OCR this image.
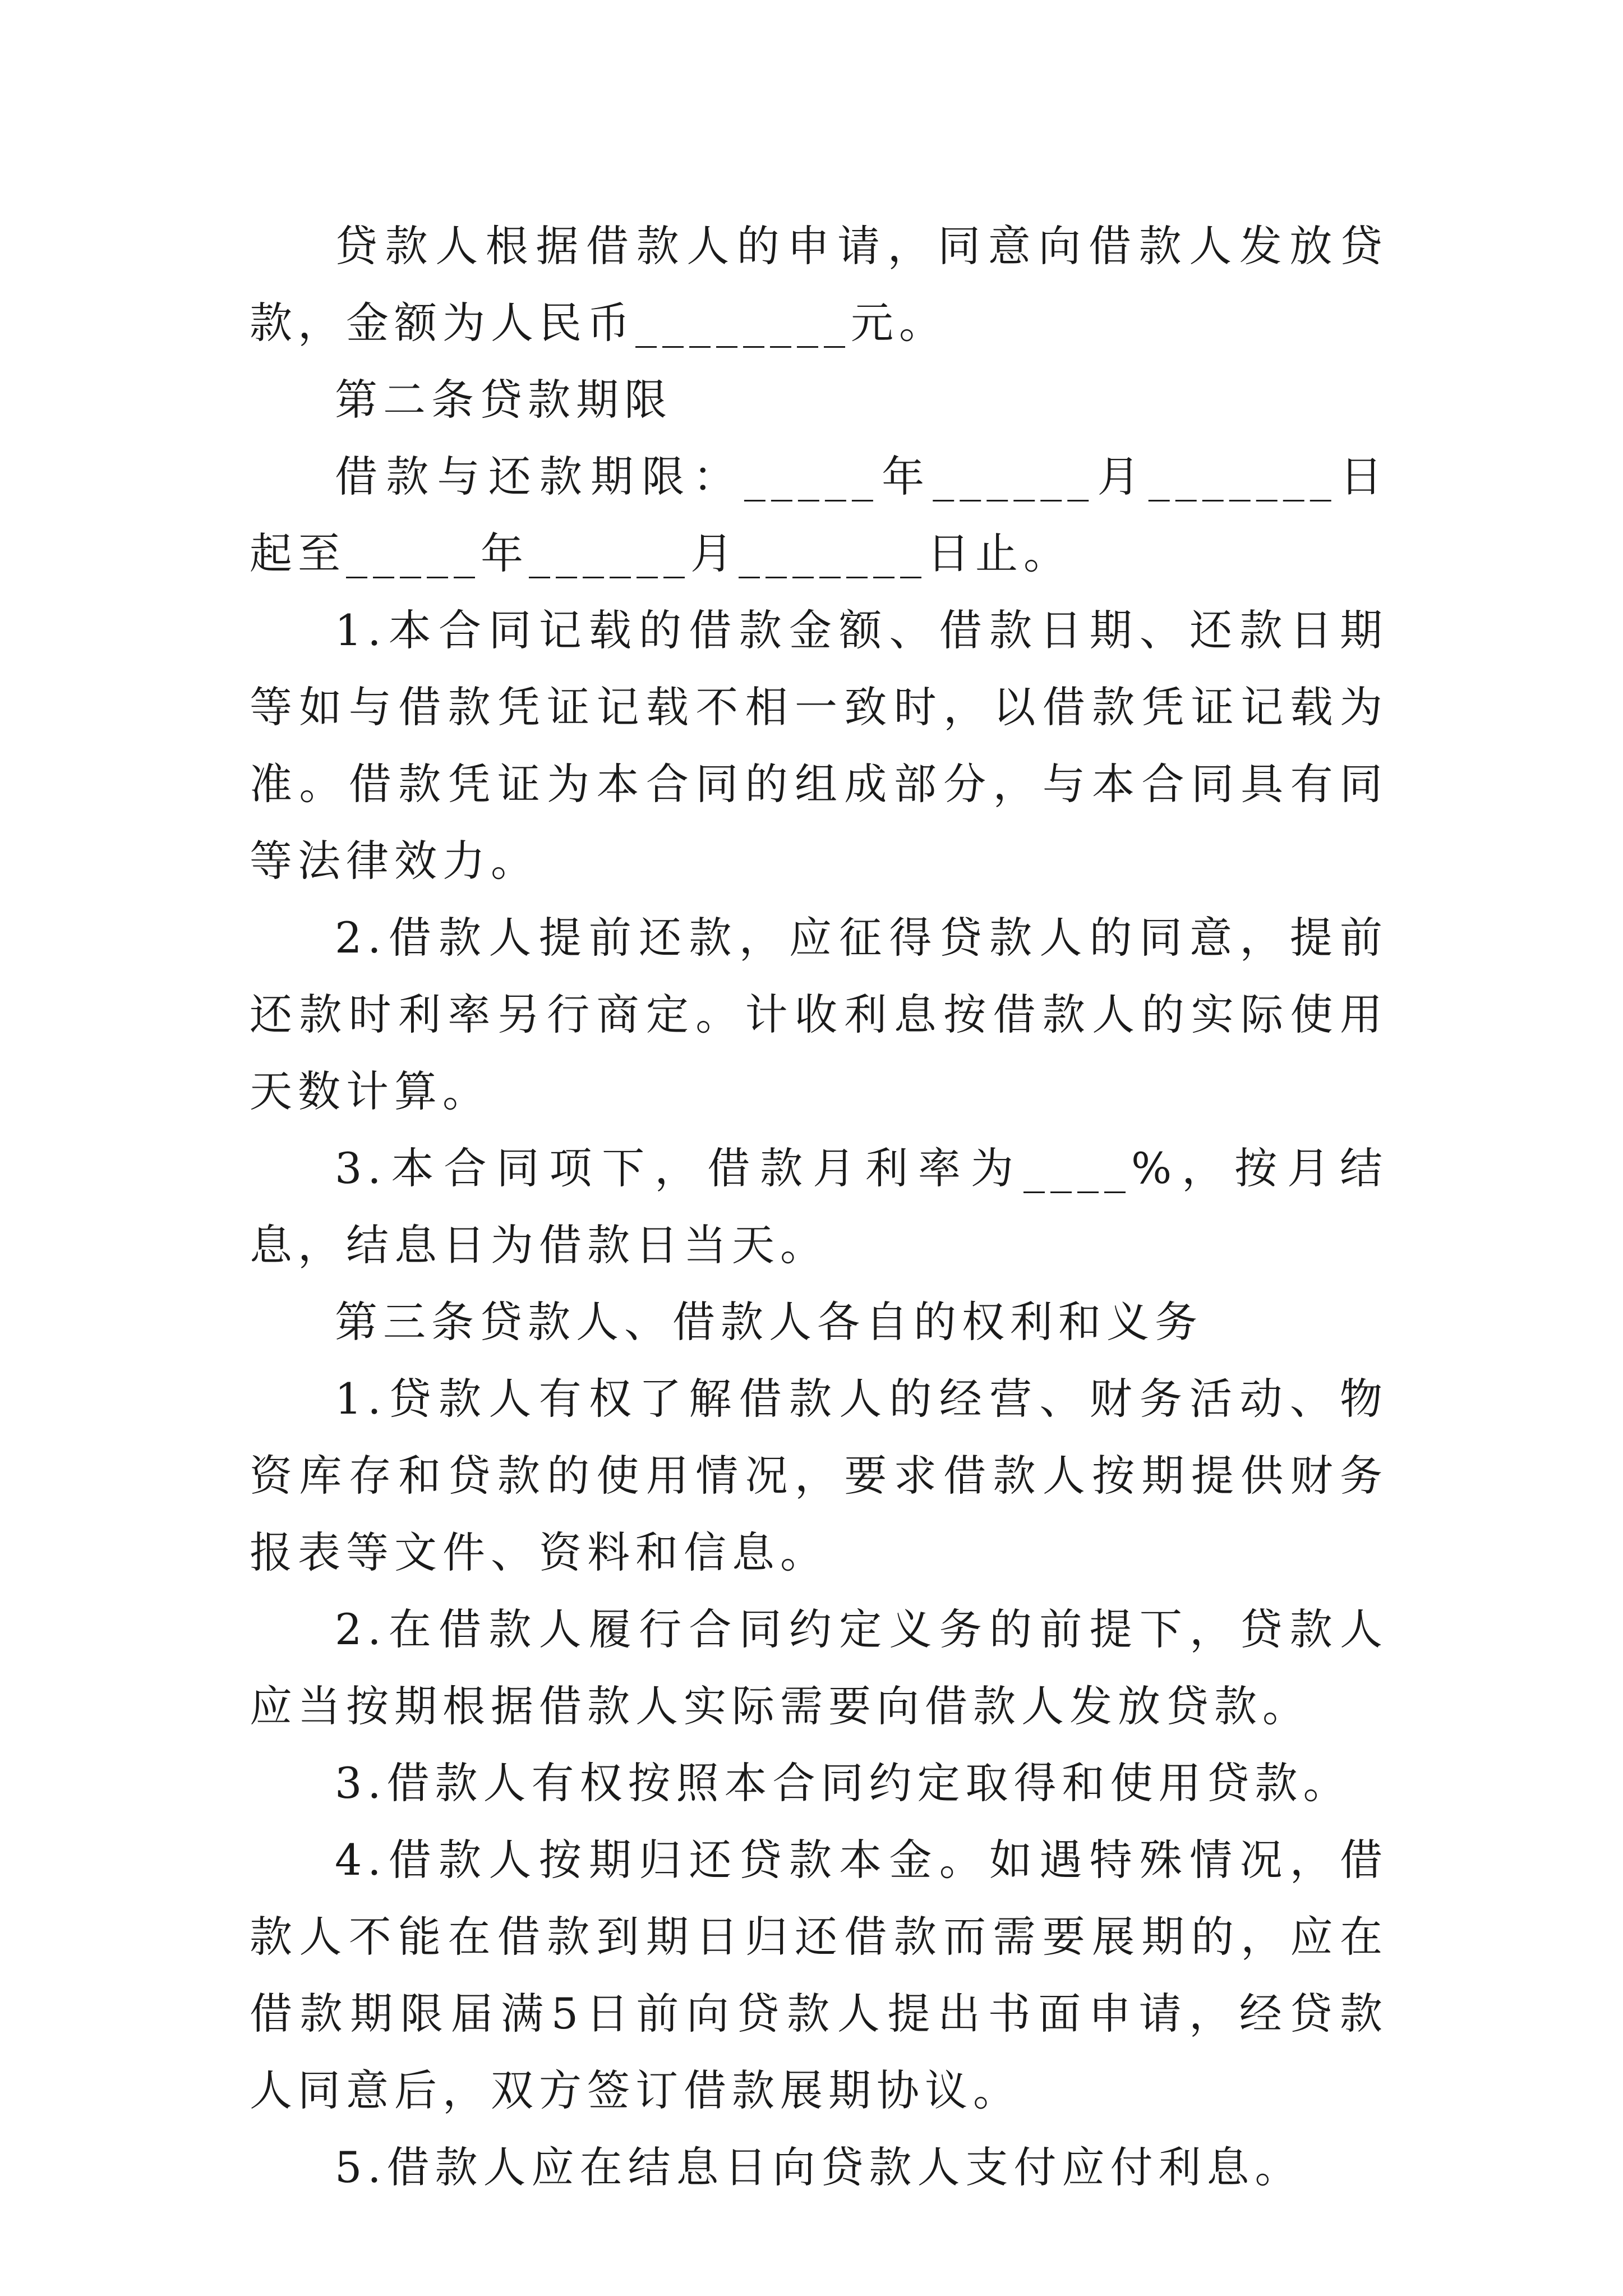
贷款人根据借款人的申请，同意向借款人发放贷款，金额为人民币________元。

第二条贷款期限

借款与还款期限：_____年______月_______日起至_____年______月_______日止。

1.本合同记载的借款金额、借款日期、还款日期等如与借款凭证记载不相一致时，以借款凭证记载为准。借款凭证为本合同的组成部分，与本合同具有同等法律效力。

2.借款人提前还款，应征得贷款人的同意，提前还款时利率另行商定。计收利息按借款人的实际使用天数计算。

3.本合同项下，借款月利率为____%，按月结息，结息日为借款日当天。

第三条贷款人、借款人各自的权利和义务

1.贷款人有权了解借款人的经营、财务活动、物资库存和贷款的使用情况，要求借款人按期提供财务报表等文件、资料和信息。

2.在借款人履行合同约定义务的前提下，贷款人应当按期根据借款人实际需要向借款人发放贷款。

3.借款人有权按照本合同约定取得和使用贷款。

4.借款人按期归还贷款本金。如遇特殊情况，借款人不能在借款到期日归还借款而需要展期的，应在借款期限届满5日前向贷款人提出书面申请，经贷款人同意后，双方签订借款展期协议。

5.借款人应在结息日向贷款人支付应付利息。
